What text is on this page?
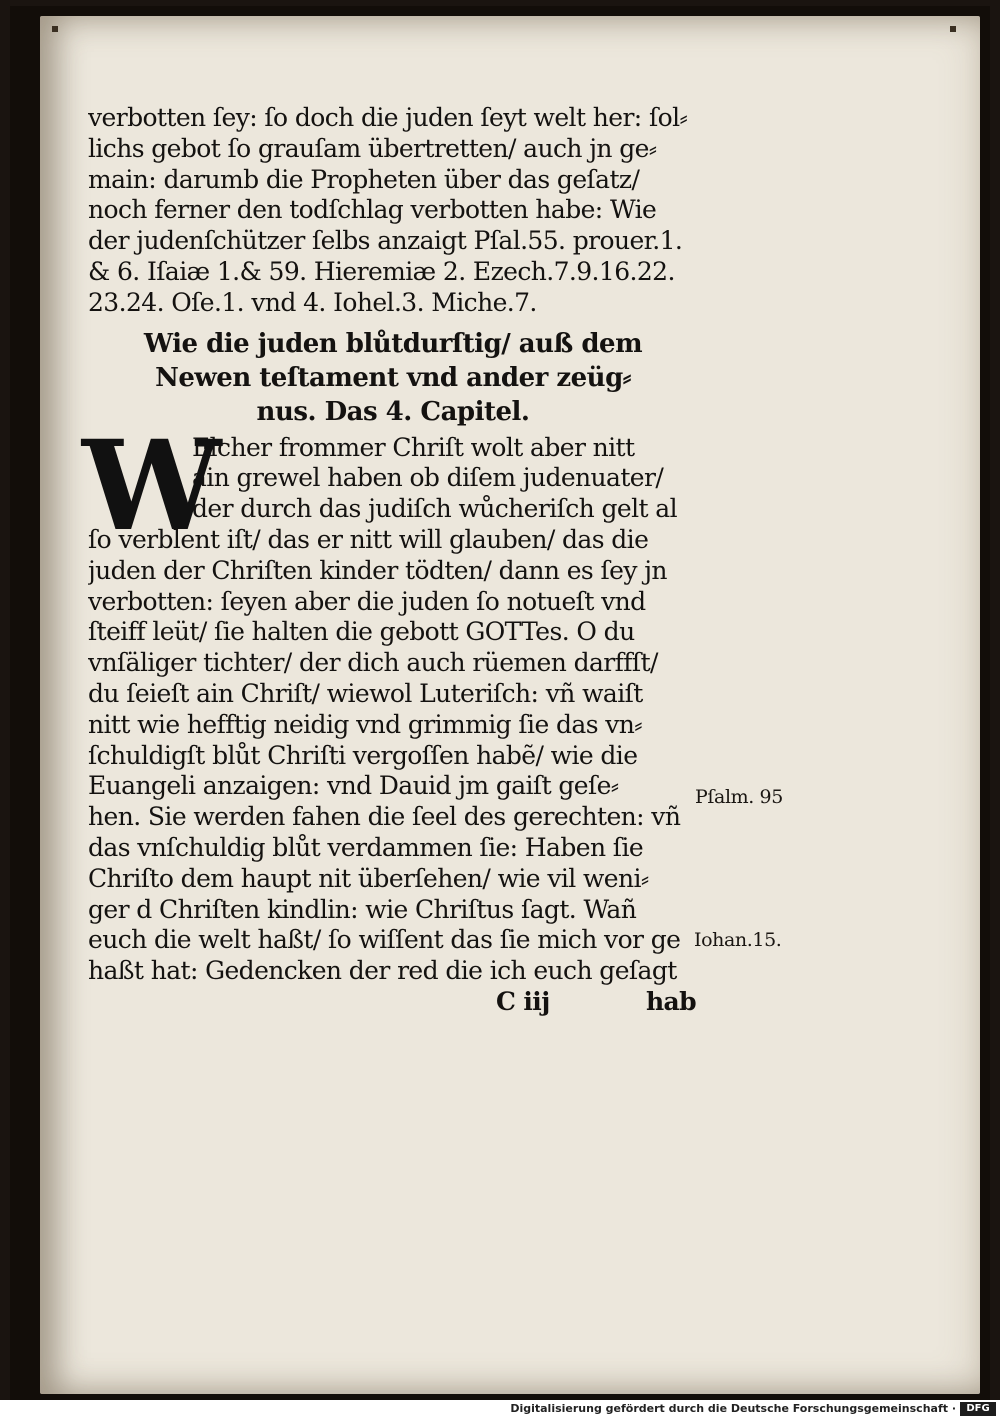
verbotten ſey: ſo doch die juden ſeyt welt her: ſol⸗
lichs gebot ſo grauſam übertretten/ auch jn ge⸗
main: darumb die Propheten über das geſatz/
noch ferner den todſchlag verbotten habe: Wie
der judenſchützer ſelbs anzaigt Pſal.55. prouer.1.
& 6. Iſaiæ 1.& 59. Hieremiæ 2. Ezech.7.9.16.22.
23.24. Oſe.1. vnd 4. Iohel.3. Miche.7.
Wie die juden blůtdurſtig/ auß dem
Newen teſtament vnd ander zeüg⸗
nus. Das 4. Capitel.
W
Elcher frommer Chriſt wolt aber nitt
ain grewel haben ob diſem judenuater/
der durch das judiſch wůcheriſch gelt al
ſo verblent iſt/ das er nitt will glauben/ das die
juden der Chriſten kinder tödten/ dann es ſey jn
verbotten: ſeyen aber die juden ſo notueſt vnd
ſteiff leüt/ ſie halten die gebott GOTTes. O du
vnſäliger tichter/ der dich auch rüemen darffſt/
du ſeieſt ain Chriſt/ wiewol Luteriſch: vñ waiſt
nitt wie hefftig neidig vnd grimmig ſie das vn⸗
ſchuldigſt blůt Chriſti vergoſſen habẽ/ wie die
Euangeli anzaigen: vnd Dauid jm gaiſt geſe⸗
hen. Sie werden fahen die ſeel des gerechten: vñ
das vnſchuldig blůt verdammen ſie: Haben ſie
Chriſto dem haupt nit überſehen/ wie vil weni⸗
ger d Chriſten kindlin: wie Chriſtus ſagt. Wañ
euch die welt haßt/ ſo wiſſent das ſie mich vor ge
haßt hat: Gedencken der red die ich euch geſagt
C iij	hab
Pſalm. 95
Iohan.15.
Digitalisierung gefördert durch die Deutsche Forschungsgemeinschaft ·	DFG
